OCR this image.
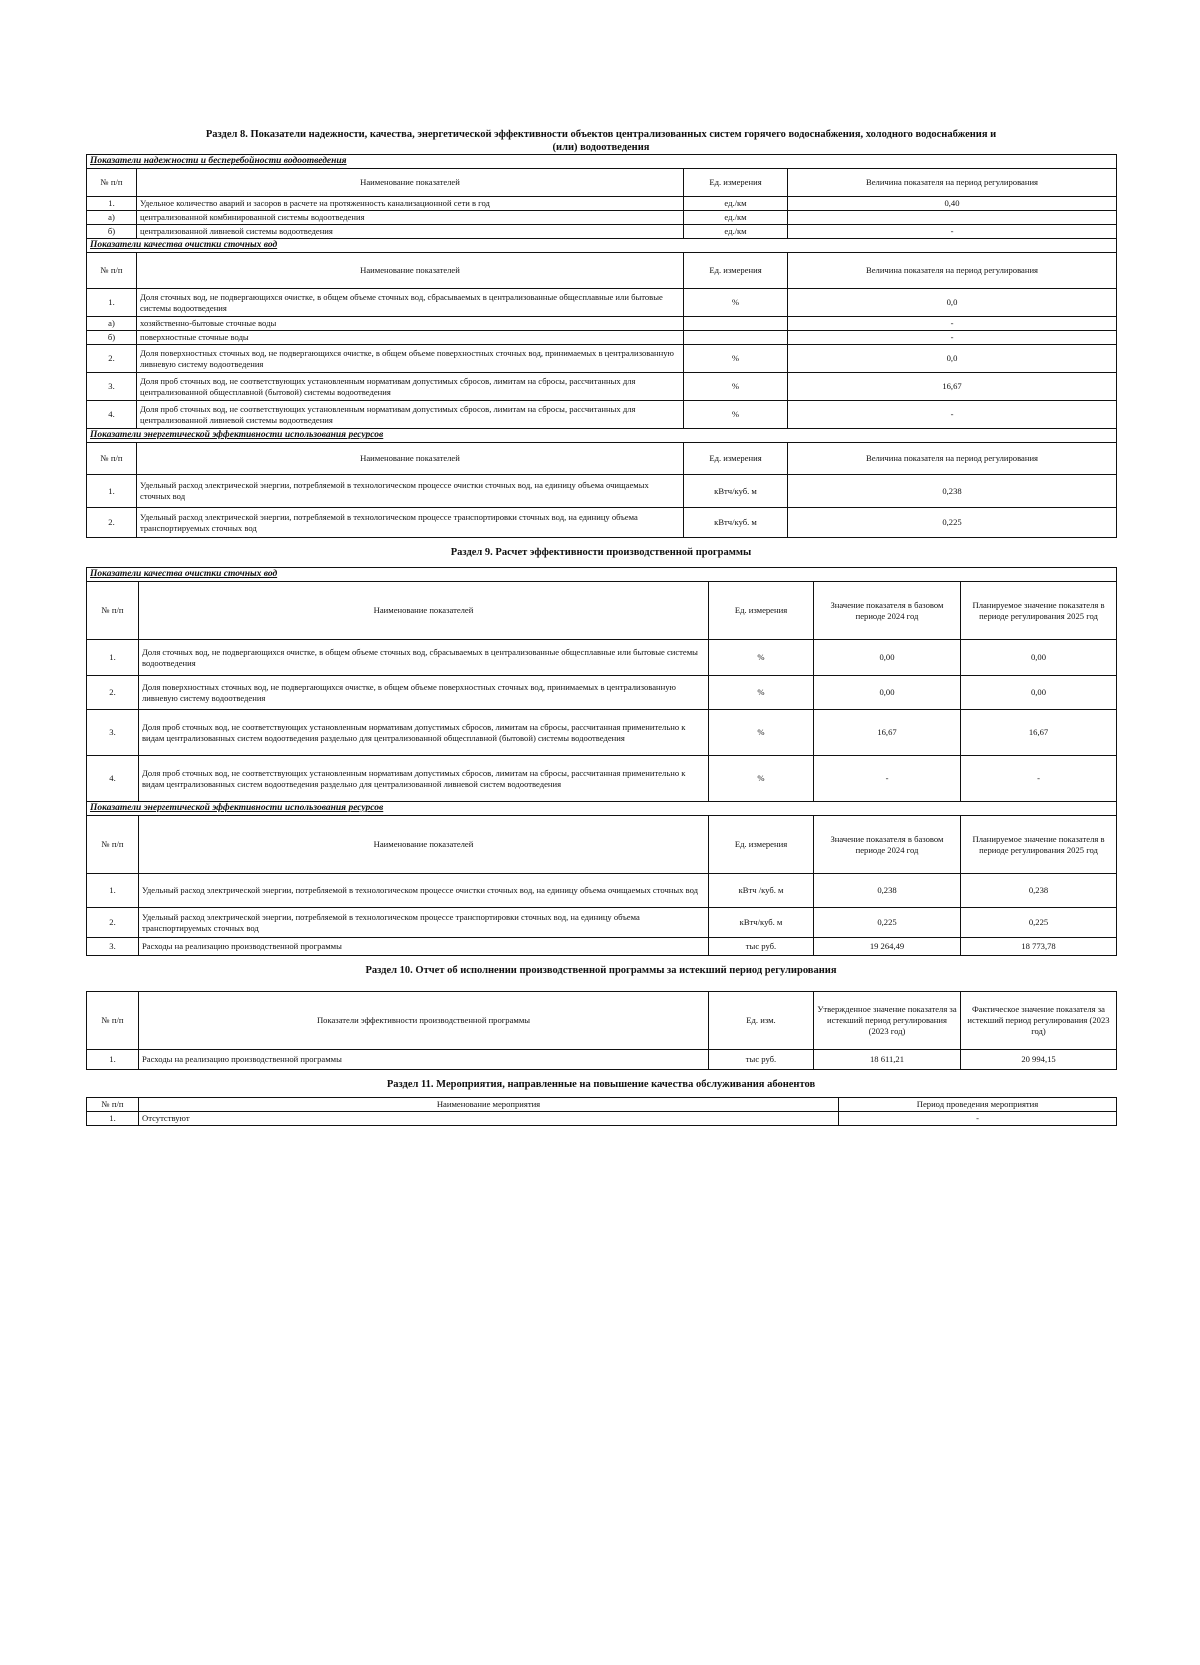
Раздел 8. Показатели надежности, качества, энергетической эффективности объектов централизованных систем горячего водоснабжения, холодного водоснабжения и
(или) водоотведения
Показатели надежности и бесперебойности водоотведения			
№ п/п	Наименование показателей	Ед. измерения	Величина показателя на период регулирования
1.	Удельное количество аварий и засоров в расчете на протяженность канализационной сети в год	ед./км	0,40
а)	централизованной комбинированной системы водоотведения	ед./км	
б)	централизованной ливневой системы водоотведения	ед./км	-
Показатели качества очистки сточных вод			
№ п/п	Наименование показателей	Ед. измерения	Величина показателя на период регулирования
1.	Доля сточных вод, не подвергающихся очистке, в общем объеме сточных вод, сбрасываемых в централизованные общесплавные или бытовые системы водоотведения	%	0,0
а)	хозяйственно-бытовые сточные воды		-
б)	поверхностные сточные воды		-
2.	Доля поверхностных сточных вод, не подвергающихся очистке, в общем объеме поверхностных сточных вод, принимаемых в централизованную ливневую систему водоотведения	%	0,0
3.	Доля проб сточных вод, не соответствующих установленным нормативам допустимых сбросов, лимитам на сбросы, рассчитанных для централизованной общесплавной (бытовой) системы водоотведения	%	16,67
4.	Доля проб сточных вод, не соответствующих установленным нормативам допустимых сбросов, лимитам на сбросы, рассчитанных для централизованной ливневой системы водоотведения	%	-
Показатели энергетической эффективности использования ресурсов			
№ п/п	Наименование показателей	Ед. измерения	Величина показателя на период регулирования
1.	Удельный расход электрической энергии, потребляемой в технологическом процессе очистки сточных вод, на единицу объема очищаемых сточных вод	кВтч/куб. м	0,238
2.	Удельный расход электрической энергии, потребляемой в технологическом процессе транспортировки сточных вод, на единицу объема транспортируемых сточных вод	кВтч/куб. м	0,225
Раздел 9. Расчет эффективности производственной программы
Показатели качества очистки сточных вод				
№ п/п	Наименование показателей	Ед. измерения	Значение показателя в базовом периоде 2024 год	Планируемое значение показателя в периоде регулирования 2025 год
1.	Доля сточных вод, не подвергающихся очистке, в общем объеме сточных вод, сбрасываемых в централизованные общесплавные или бытовые системы водоотведения	%	0,00	0,00
2.	Доля поверхностных сточных вод, не подвергающихся очистке, в общем объеме поверхностных сточных вод, принимаемых в централизованную ливневую систему водоотведения	%	0,00	0,00
3.	Доля проб сточных вод, не соответствующих установленным нормативам допустимых сбросов, лимитам на сбросы, рассчитанная применительно к видам централизованных систем водоотведения раздельно для централизованной общесплавной (бытовой) системы водоотведения	%	16,67	16,67
4.	Доля проб сточных вод, не соответствующих установленным нормативам допустимых сбросов, лимитам на сбросы, рассчитанная применительно к видам централизованных систем водоотведения раздельно для централизованной ливневой систем водоотведения	%	-	-
Показатели энергетической эффективности использования ресурсов				
№ п/п	Наименование показателей	Ед. измерения	Значение показателя в базовом периоде 2024 год	Планируемое значение показателя в периоде регулирования 2025 год
1.	Удельный расход электрической энергии, потребляемой в технологическом процессе очистки сточных вод, на единицу объема очищаемых сточных вод	кВтч /куб. м	0,238	0,238
2.	Удельный расход электрической энергии, потребляемой в технологическом процессе транспортировки сточных вод, на единицу объема транспортируемых сточных вод	кВтч/куб. м	0,225	0,225
3.	Расходы на реализацию производственной программы	тыс руб.	19 264,49	18 773,78
Раздел 10. Отчет об исполнении производственной программы за истекший период регулирования
№ п/п	Показатели эффективности производственной программы	Ед. изм.	Утвержденное значение показателя за истекший период регулирования (2023 год)	Фактическое значение показателя за истекший период регулирования (2023 год)
1.	Расходы на реализацию производственной программы	тыс руб.	18 611,21	20 994,15
Раздел 11. Мероприятия, направленные на повышение качества обслуживания абонентов
№ п/п	Наименование мероприятия	Период проведения мероприятия
1.	Отсутствуют	-
